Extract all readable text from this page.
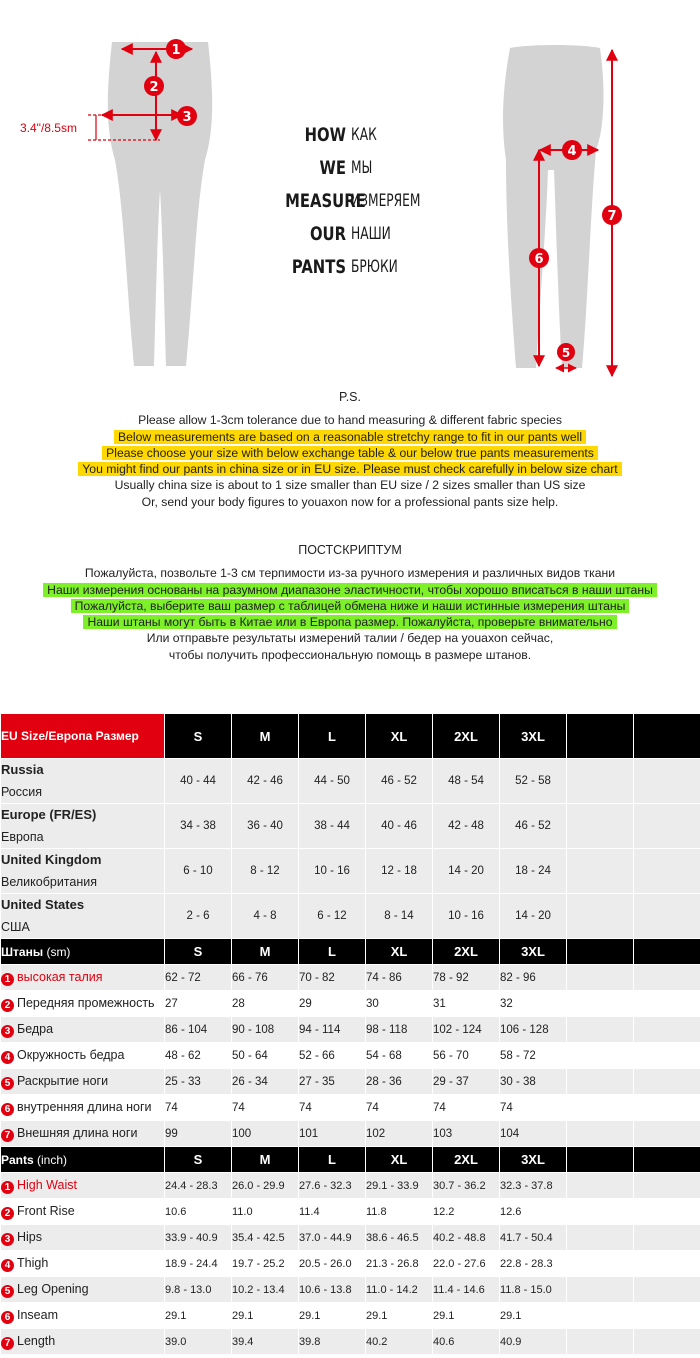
3.4"/8.5sm
1
2
3
4
5
6
7
HOW КАК
WE МЫ
MEASURE
ИЗМЕРЯЕМ
OUR НАШИ
PANTS БРЮКИ
P.S.
Please allow 1-3cm tolerance due to hand measuring & different fabric species
Below measurements are based on a reasonable stretchy range to fit in our pants well
Please choose your size with below exchange table & our below true pants measurements
You might find our pants in china size or in EU size. Please must check carefully in below size chart
Usually china size is about to 1 size smaller than EU size / 2 sizes smaller than US size
Or, send your body figures to youaxon now for a professional pants size help.
ПОСТСКРИПТУМ
Пожалуйста, позвольте 1-3 см терпимости из-за ручного измерения и различных видов ткани
Наши измерения основаны на разумном диапазоне эластичности, чтобы хорошо вписаться в наши штаны
Пожалуйста, выберите ваш размер с таблицей обмена ниже и наши истинные измерения штаны
Наши штаны могут быть в Китае или в Европа размер. Пожалуйста, проверьте внимательно
Или отправьте результаты измерений талии / бедер на youaxon сейчас,
чтобы получить профессиональную помощь в размере штанов.
EU Size/Европа Размер	S	M	L	XL	2XL	3XL		
Russia
Россия	40 - 44	42 - 46	44 - 50	46 - 52	48 - 54	52 - 58		
Europe (FR/ES)
Европа	34 - 38	36 - 40	38 - 44	40 - 46	42 - 48	46 - 52		
United Kingdom
Великобритания	6 - 10	8 - 12	10 - 16	12 - 18	14 - 20	18 - 24		
United States
США	2 - 6	4 - 8	6 - 12	8 - 14	10 - 16	14 - 20		
Штаны (sm)	S	M	L	XL	2XL	3XL		
1 высокая талия	62 - 72	66 - 76	70 - 82	74 - 86	78 - 92	82 - 96		
2 Передняя промежность	27	28	29	30	31	32		
3 Бедра	86 - 104	90 - 108	94 - 114	98 - 118	102 - 124	106 - 128		
4 Окружность бедра	48 - 62	50 - 64	52 - 66	54 - 68	56 - 70	58 - 72		
5 Раскрытие ноги	25 - 33	26 - 34	27 - 35	28 - 36	29 - 37	30 - 38		
6 внутренняя длина ноги	74	74	74	74	74	74		
7 Внешняя длина ноги	99	100	101	102	103	104		
Pants (inch)	S	M	L	XL	2XL	3XL		
1 High Waist	24.4 - 28.3	26.0 - 29.9	27.6 - 32.3	29.1 - 33.9	30.7 - 36.2	32.3 - 37.8		
2 Front Rise	10.6	11.0	11.4	11.8	12.2	12.6		
3 Hips	33.9 - 40.9	35.4 - 42.5	37.0 - 44.9	38.6 - 46.5	40.2 - 48.8	41.7 - 50.4		
4 Thigh	18.9 - 24.4	19.7 - 25.2	20.5 - 26.0	21.3 - 26.8	22.0 - 27.6	22.8 - 28.3		
5 Leg Opening	9.8 - 13.0	10.2 - 13.4	10.6 - 13.8	11.0 - 14.2	11.4 - 14.6	11.8 - 15.0		
6 Inseam	29.1	29.1	29.1	29.1	29.1	29.1		
7 Length	39.0	39.4	39.8	40.2	40.6	40.9		
